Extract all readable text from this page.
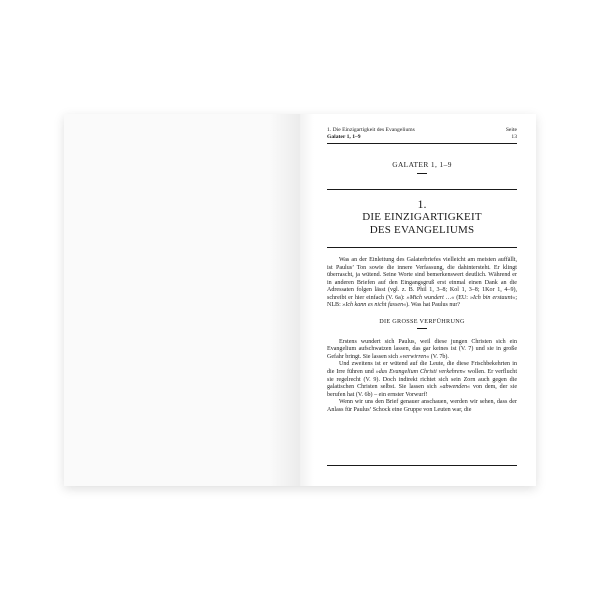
1. Die Einzigartigkeit des Evangeliums
Galater 1, 1–9
Seite
13
GALATER 1, 1–9
1.
DIE EINZIGARTIGKEIT
DES EVANGELIUMS
Was an der Einleitung des Galaterbriefes vielleicht am meisten auffällt, ist Paulus’ Ton sowie die innere Verfassung, die dahintersteht. Er klingt überrascht, ja wütend. Seine Worte sind bemerkenswert deutlich. Während er in anderen Briefen auf den Eingangsgruß erst einmal einen Dank an die Adressaten folgen lässt (vgl. z. B. Phil 1, 3–8; Kol 1, 3–8; 1Kor 1, 4–9), schreibt er hier einfach (V. 6a): »Mich wundert …« (EU: »Ich bin erstaunt«; NLB: »Ich kann es nicht fassen«). Was hat Paulus nur?
DIE GROSSE VERFÜHRUNG
Erstens wundert sich Paulus, weil diese jungen Christen sich ein Evangelium aufschwatzen lassen, das gar keines ist (V. 7) und sie in große Gefahr bringt. Sie lassen sich »verwirren« (V. 7b).
Und zweitens ist er wütend auf die Leute, die diese Frischbekehrten in die Irre führen und »das Evangelium Christi verkehren« wollen. Er verflucht sie regelrecht (V. 9). Doch indirekt richtet sich sein Zorn auch gegen die galatischen Christen selbst. Sie lassen sich »abwenden« von dem, der sie berufen hat (V. 6b) – ein ernster Vorwurf!
Wenn wir uns den Brief genauer anschauen, werden wir sehen, dass der Anlass für Paulus’ Schock eine Gruppe von Leuten war, die
